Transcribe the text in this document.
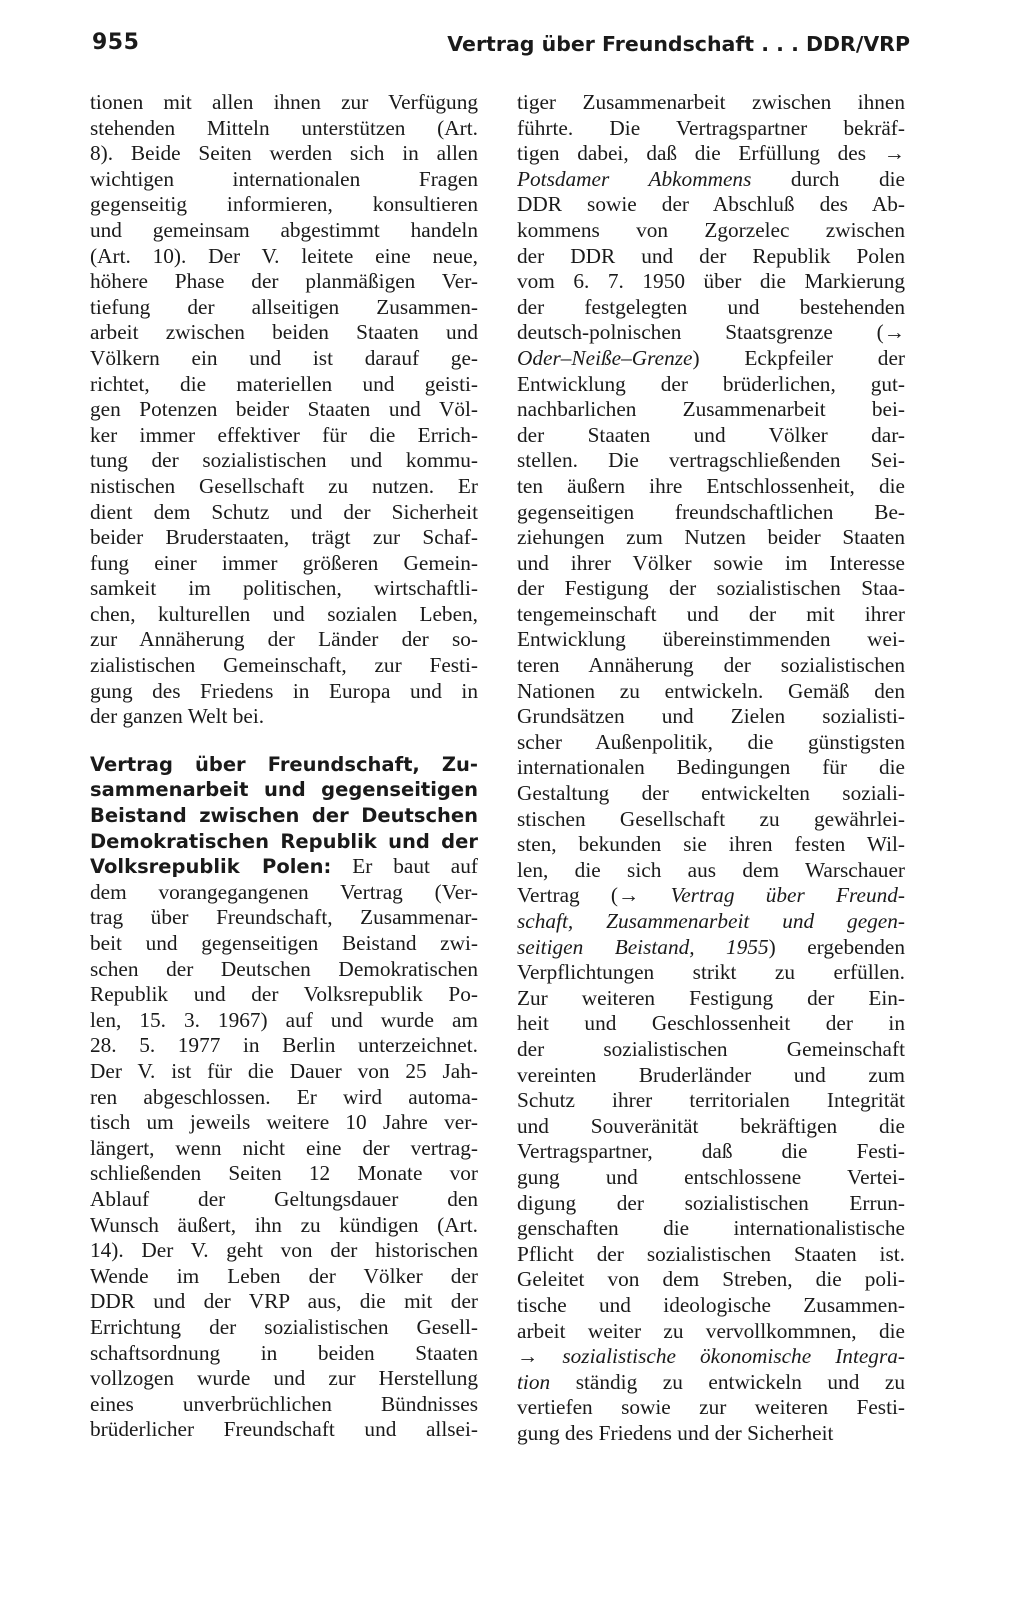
955	Vertrag über Freundschaft . . . DDR/VRP
tionen mit allen ihnen zur Verfügung
stehenden Mitteln unterstützen (Art.
8). Beide Seiten werden sich in allen
wichtigen internationalen Fragen
gegenseitig informieren, konsultieren
und gemeinsam abgestimmt handeln
(Art. 10). Der V. leitete eine neue,
höhere Phase der planmäßigen Ver-
tiefung der allseitigen Zusammen-
arbeit zwischen beiden Staaten und
Völkern ein und ist darauf ge-
richtet, die materiellen und geisti-
gen Potenzen beider Staaten und Völ-
ker immer effektiver für die Errich-
tung der sozialistischen und kommu-
nistischen Gesellschaft zu nutzen. Er
dient dem Schutz und der Sicherheit
beider Bruderstaaten, trägt zur Schaf-
fung einer immer größeren Gemein-
samkeit im politischen, wirtschaftli-
chen, kulturellen und sozialen Leben,
zur Annäherung der Länder der so-
zialistischen Gemeinschaft, zur Festi-
gung des Friedens in Europa und in
der ganzen Welt bei.
Vertrag über Freundschaft, Zu-
sammenarbeit und gegenseitigen
Beistand zwischen der Deutschen
Demokratischen Republik und der
Volksrepublik Polen: Er baut auf
dem vorangegangenen Vertrag (Ver-
trag über Freundschaft, Zusammenar-
beit und gegenseitigen Beistand zwi-
schen der Deutschen Demokratischen
Republik und der Volksrepublik Po-
len, 15. 3. 1967) auf und wurde am
28. 5. 1977 in Berlin unterzeichnet.
Der V. ist für die Dauer von 25 Jah-
ren abgeschlossen. Er wird automa-
tisch um jeweils weitere 10 Jahre ver-
längert, wenn nicht eine der vertrag-
schließenden Seiten 12 Monate vor
Ablauf der Geltungsdauer den
Wunsch äußert, ihn zu kündigen (Art.
14). Der V. geht von der historischen
Wende im Leben der Völker der
DDR und der VRP aus, die mit der
Errichtung der sozialistischen Gesell-
schaftsordnung in beiden Staaten
vollzogen wurde und zur Herstellung
eines unverbrüchlichen Bündnisses
brüderlicher Freundschaft und allsei-
tiger Zusammenarbeit zwischen ihnen
führte. Die Vertragspartner bekräf-
tigen dabei, daß die Erfüllung des →
Potsdamer Abkommens durch die
DDR sowie der Abschluß des Ab-
kommens von Zgorzelec zwischen
der DDR und der Republik Polen
vom 6. 7. 1950 über die Markierung
der festgelegten und bestehenden
deutsch-polnischen Staatsgrenze (→
Oder–Neiße–Grenze) Eckpfeiler der
Entwicklung der brüderlichen, gut-
nachbarlichen Zusammenarbeit bei-
der Staaten und Völker dar-
stellen. Die vertragschließenden Sei-
ten äußern ihre Entschlossenheit, die
gegenseitigen freundschaftlichen Be-
ziehungen zum Nutzen beider Staaten
und ihrer Völker sowie im Interesse
der Festigung der sozialistischen Staa-
tengemeinschaft und der mit ihrer
Entwicklung übereinstimmenden wei-
teren Annäherung der sozialistischen
Nationen zu entwickeln. Gemäß den
Grundsätzen und Zielen sozialisti-
scher Außenpolitik, die günstigsten
internationalen Bedingungen für die
Gestaltung der entwickelten soziali-
stischen Gesellschaft zu gewährlei-
sten, bekunden sie ihren festen Wil-
len, die sich aus dem Warschauer
Vertrag (→ Vertrag über Freund-
schaft, Zusammenarbeit und gegen-
seitigen Beistand, 1955) ergebenden
Verpflichtungen strikt zu erfüllen.
Zur weiteren Festigung der Ein-
heit und Geschlossenheit der in
der sozialistischen Gemeinschaft
vereinten Bruderländer und zum
Schutz ihrer territorialen Integrität
und Souveränität bekräftigen die
Vertragspartner, daß die Festi-
gung und entschlossene Vertei-
digung der sozialistischen Errun-
genschaften die internationalistische
Pflicht der sozialistischen Staaten ist.
Geleitet von dem Streben, die poli-
tische und ideologische Zusammen-
arbeit weiter zu vervollkommnen, die
→ sozialistische ökonomische Integra-
tion ständig zu entwickeln und zu
vertiefen sowie zur weiteren Festi-
gung des Friedens und der Sicherheit
